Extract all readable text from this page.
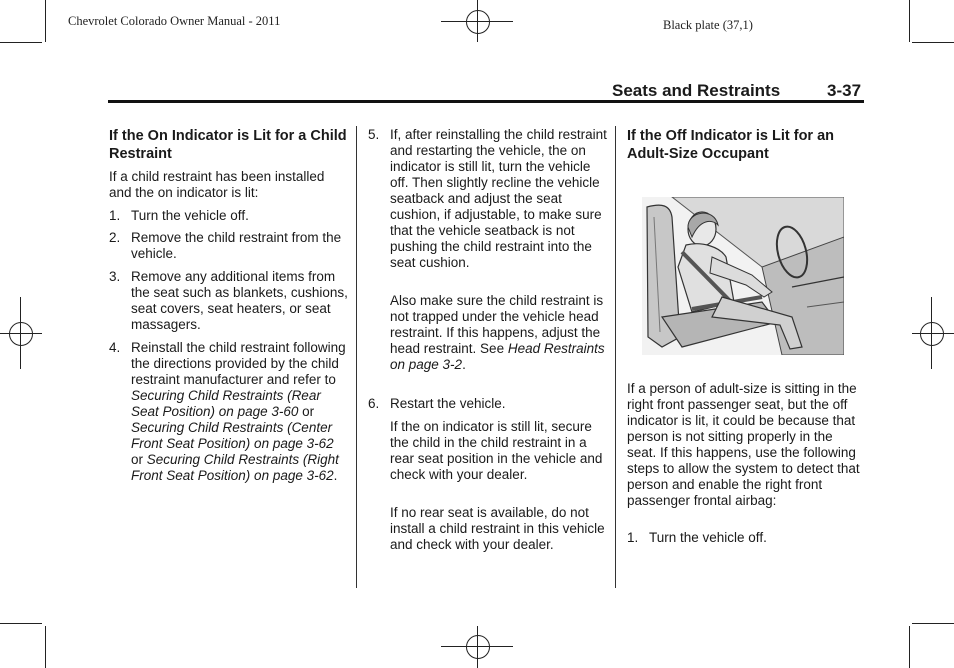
Chevrolet Colorado Owner Manual - 2011	Black plate (37,1)
Seats and Restraints	3-37
If the On Indicator is Lit for a Child Restraint
If a child restraint has been installed and the on indicator is lit:
1. Turn the vehicle off.
2. Remove the child restraint from the vehicle.
3. Remove any additional items from the seat such as blankets, cushions, seat covers, seat heaters, or seat massagers.
4. Reinstall the child restraint following the directions provided by the child restraint manufacturer and refer to Securing Child Restraints (Rear Seat Position) on page 3-60 or Securing Child Restraints (Center Front Seat Position) on page 3-62 or Securing Child Restraints (Right Front Seat Position) on page 3-62.
5. If, after reinstalling the child restraint and restarting the vehicle, the on indicator is still lit, turn the vehicle off. Then slightly recline the vehicle seatback and adjust the seat cushion, if adjustable, to make sure that the vehicle seatback is not pushing the child restraint into the seat cushion.
Also make sure the child restraint is not trapped under the vehicle head restraint. If this happens, adjust the head restraint. See Head Restraints on page 3-2.
6. Restart the vehicle.
If the on indicator is still lit, secure the child in the child restraint in a rear seat position in the vehicle and check with your dealer.
If no rear seat is available, do not install a child restraint in this vehicle and check with your dealer.
If the Off Indicator is Lit for an Adult-Size Occupant
If a person of adult-size is sitting in the right front passenger seat, but the off indicator is lit, it could be because that person is not sitting properly in the seat. If this happens, use the following steps to allow the system to detect that person and enable the right front passenger frontal airbag:
1. Turn the vehicle off.
